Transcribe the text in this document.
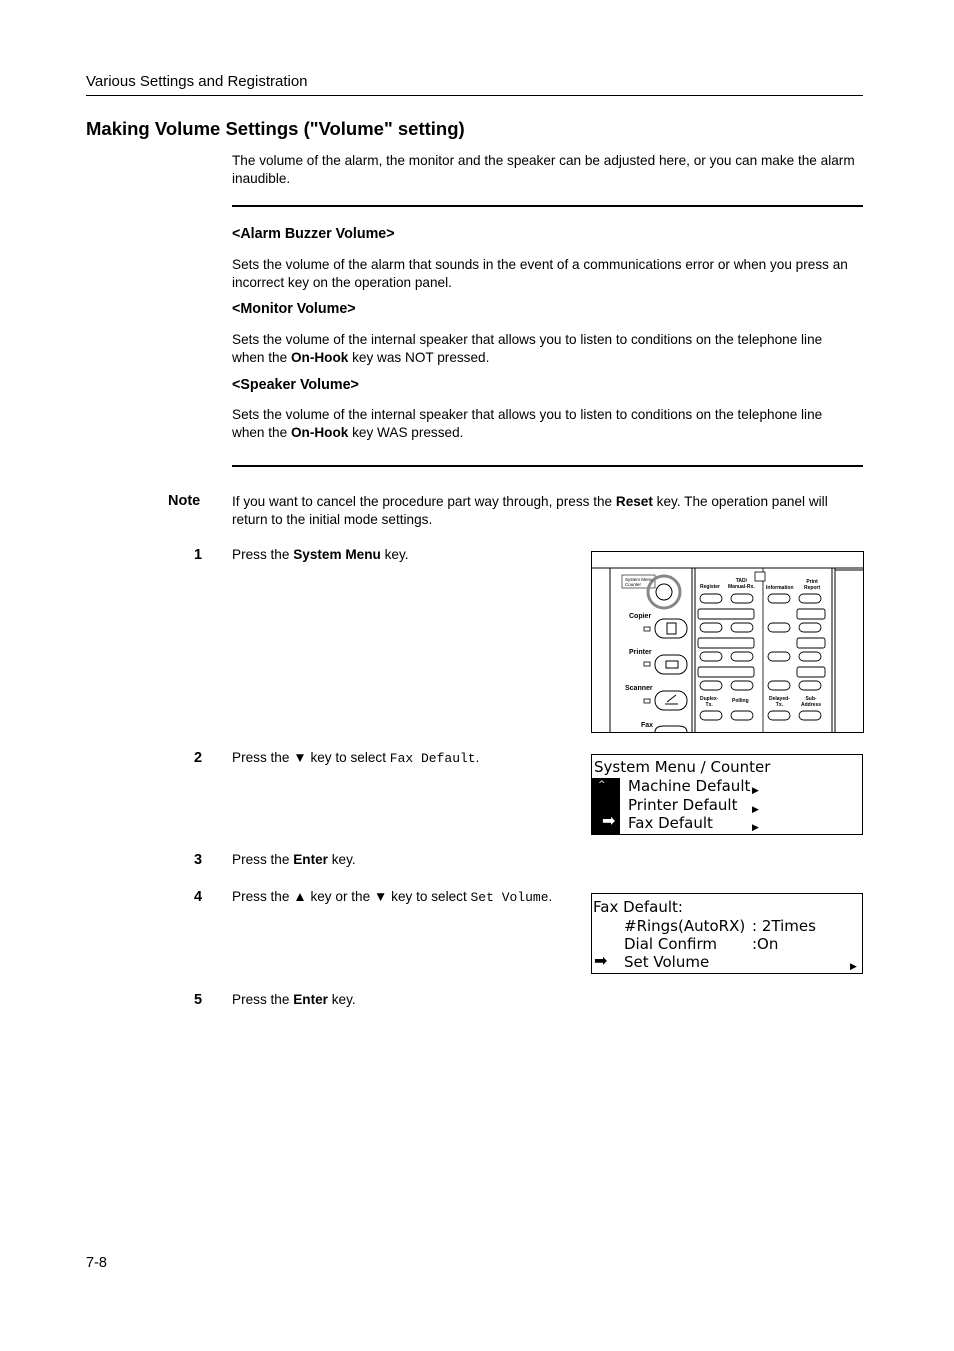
Various Settings and Registration
Making Volume Settings ("Volume" setting)
The volume of the alarm, the monitor and the speaker can be adjusted here, or you can make the alarm inaudible.
<Alarm Buzzer Volume>
Sets the volume of the alarm that sounds in the event of a communications error or when you press an incorrect key on the operation panel.
<Monitor Volume>
Sets the volume of the internal speaker that allows you to listen to conditions on the telephone line
when the On-Hook key was NOT pressed.
<Speaker Volume>
Sets the volume of the internal speaker that allows you to listen to conditions on the telephone line
when the On-Hook key WAS pressed.
Note If you want to cancel the procedure part way through, press the Reset key. The operation panel will return to the initial mode settings.
1 Press the System Menu key.
System Menu
Counter
Copier
Printer
Scanner
Fax
Register
TAD/
Manual-Rx. Information
Print
Report
Duplex-
Tx.
Polling	Delayed-
Tx.
Sub-
Address
2 Press the ▼ key to select Fax Default.
System Menu / Counter
^
➡
Machine Default
Printer Default
Fax Default
▶
▶
▶
3 Press the Enter key.
4 Press the ▲ key or the ▼ key to select Set Volume.
Fax Default:
#Rings(AutoRX) : 2Times
Dial Confirm :On
➡ Set Volume	▶
5 Press the Enter key.
7-8
